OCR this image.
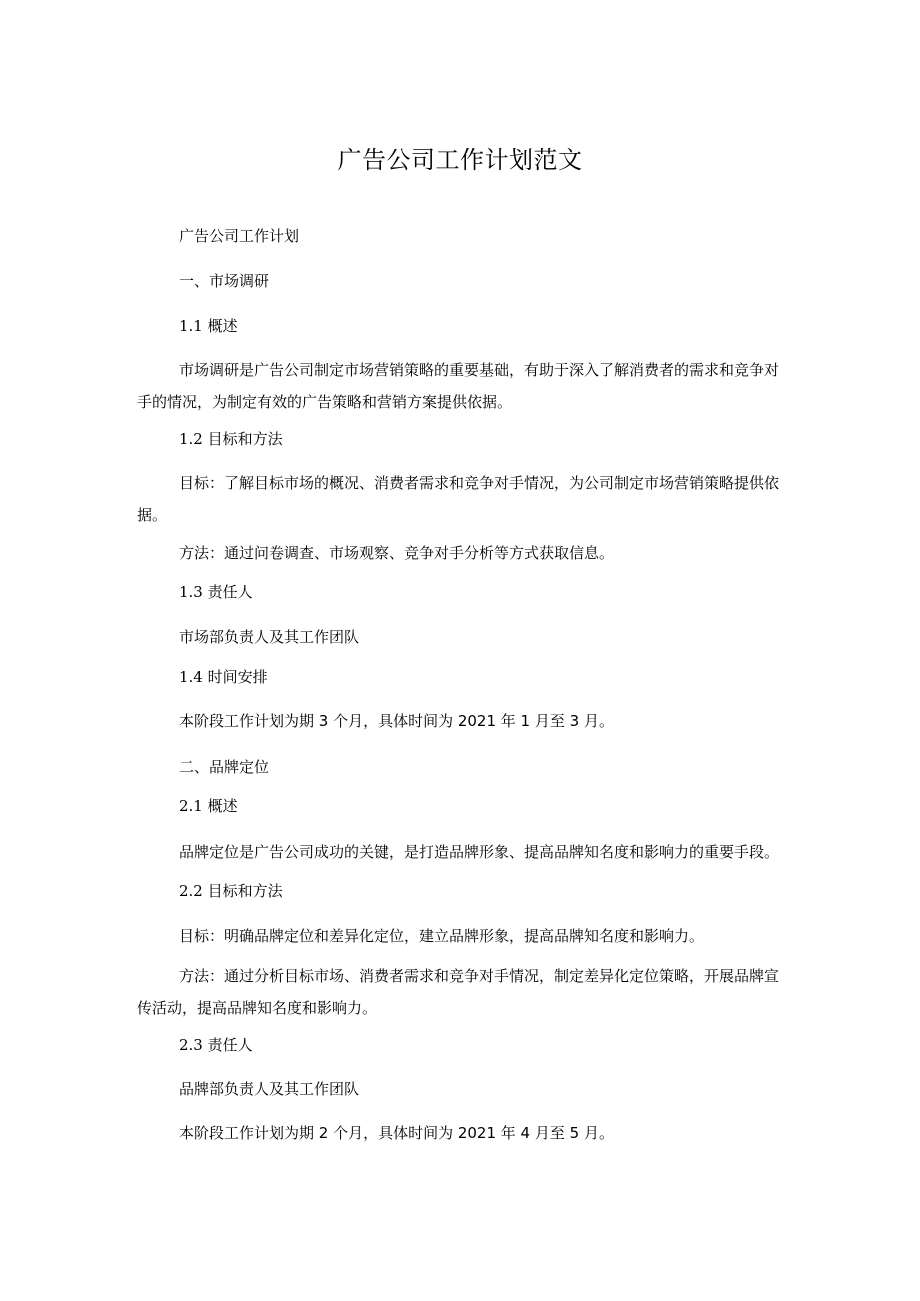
广告公司工作计划范文
广告公司工作计划
一、市场调研
1.1 概述
市场调研是广告公司制定市场营销策略的重要基础，有助于深入了解消费者的需求和竞争对手的情况，为制定有效的广告策略和营销方案提供依据。
1.2 目标和方法
目标：了解目标市场的概况、消费者需求和竞争对手情况，为公司制定市场营销策略提供依据。
方法：通过问卷调查、市场观察、竞争对手分析等方式获取信息。
1.3 责任人
市场部负责人及其工作团队
1.4 时间安排
本阶段工作计划为期 3 个月，具体时间为 2021 年 1 月至 3 月。
二、品牌定位
2.1 概述
品牌定位是广告公司成功的关键，是打造品牌形象、提高品牌知名度和影响力的重要手段。
2.2 目标和方法
目标：明确品牌定位和差异化定位，建立品牌形象，提高品牌知名度和影响力。
方法：通过分析目标市场、消费者需求和竞争对手情况，制定差异化定位策略，开展品牌宣传活动，提高品牌知名度和影响力。
2.3 责任人
品牌部负责人及其工作团队
本阶段工作计划为期 2 个月，具体时间为 2021 年 4 月至 5 月。
